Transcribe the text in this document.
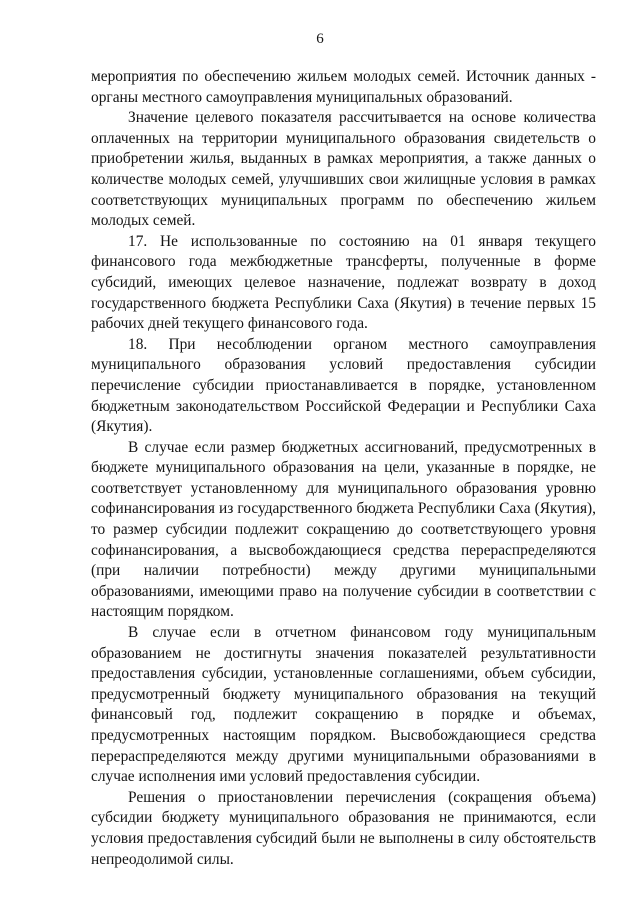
6

мероприятия по обеспечению жильем молодых семей. Источник данных - органы местного самоуправления муниципальных образований.

Значение целевого показателя рассчитывается на основе количества оплаченных на территории муниципального образования свидетельств о приобретении жилья, выданных в рамках мероприятия, а также данных о количестве молодых семей, улучшивших свои жилищные условия в рамках соответствующих муниципальных программ по обеспечению жильем молодых семей.

17. Не использованные по состоянию на 01 января текущего финансового года межбюджетные трансферты, полученные в форме субсидий, имеющих целевое назначение, подлежат возврату в доход государственного бюджета Республики Саха (Якутия) в течение первых 15 рабочих дней текущего финансового года.

18. При несоблюдении органом местного самоуправления муниципального образования условий предоставления субсидии перечисление субсидии приостанавливается в порядке, установленном бюджетным законодательством Российской Федерации и Республики Саха (Якутия).

В случае если размер бюджетных ассигнований, предусмотренных в бюджете муниципального образования на цели, указанные в порядке, не соответствует установленному для муниципального образования уровню софинансирования из государственного бюджета Республики Саха (Якутия), то размер субсидии подлежит сокращению до соответствующего уровня софинансирования, а высвобождающиеся средства перераспределяются (при наличии потребности) между другими муниципальными образованиями, имеющими право на получение субсидии в соответствии с настоящим порядком.

В случае если в отчетном финансовом году муниципальным образованием не достигнуты значения показателей результативности предоставления субсидии, установленные соглашениями, объем субсидии, предусмотренный бюджету муниципального образования на текущий финансовый год, подлежит сокращению в порядке и объемах, предусмотренных настоящим порядком. Высвобождающиеся средства перераспределяются между другими муниципальными образованиями в случае исполнения ими условий предоставления субсидии.

Решения о приостановлении перечисления (сокращения объема) субсидии бюджету муниципального образования не принимаются, если условия предоставления субсидий были не выполнены в силу обстоятельств непреодолимой силы.
